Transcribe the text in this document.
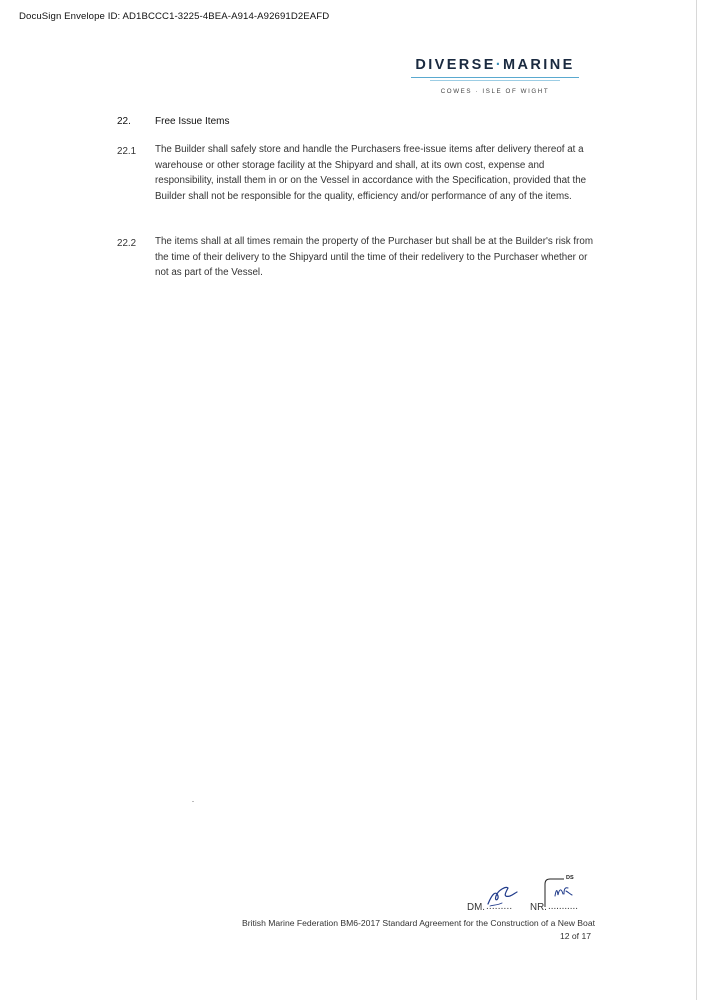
DocuSign Envelope ID: AD1BCCC1-3225-4BEA-A914-A92691D2EAFD
DIVERSE·MARINE
COWES · ISLE OF WIGHT
22. Free Issue Items
22.1 The Builder shall safely store and handle the Purchasers free-issue items after delivery thereof at a warehouse or other storage facility at the Shipyard and shall, at its own cost, expense and responsibility, install them in or on the Vessel in accordance with the Specification, provided that the Builder shall not be responsible for the quality, efficiency and/or performance of any of the items.

22.2 The items shall at all times remain the property of the Purchaser but shall be at the Builder's risk from the time of their delivery to the Shipyard until the time of their redelivery to the Purchaser whether or not as part of the Vessel.

DM. ......... NR. ...........
DS
British Marine Federation BM6-2017 Standard Agreement for the Construction of a New Boat
12 of 17
